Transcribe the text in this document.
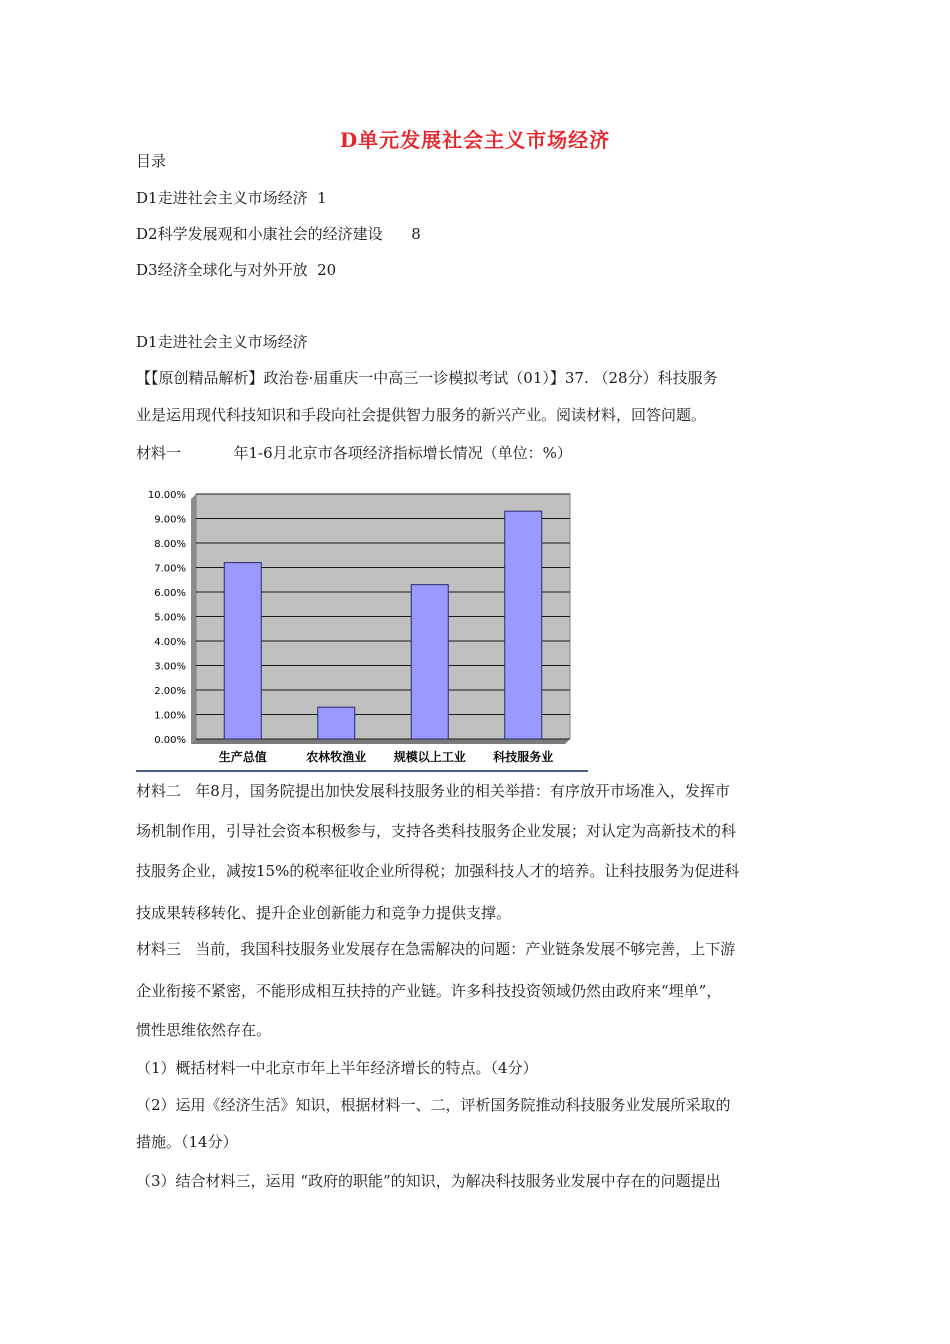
D单元发展社会主义市场经济
目录
D1走进社会主义市场经济 1
D2科学发展观和小康社会的经济建设 8
D3经济全球化与对外开放 20
D1走进社会主义市场经济
【【原创精品解析】政治卷·届重庆一中高三一诊模拟考试（01）】37. （28分）科技服务
业是运用现代科技知识和手段向社会提供智力服务的新兴产业。阅读材料，回答问题。
材料一	年1-6月北京市各项经济指标增长情况（单位：%）
0.00%
1.00%
2.00%
3.00%
4.00%
5.00%
6.00%
7.00%
8.00%
9.00%
10.00%
生产总值	农林牧渔业 规模以上工业 科技服务业
材料二   年8月，国务院提出加快发展科技服务业的相关举措：有序放开市场准入，发挥市
场机制作用，引导社会资本积极参与，支持各类科技服务企业发展；对认定为高新技术的科
技服务企业，减按15%的税率征收企业所得税；加强科技人才的培养。让科技服务为促进科
技成果转移转化、提升企业创新能力和竞争力提供支撑。
材料三   当前，我国科技服务业发展存在急需解决的问题：产业链条发展不够完善，上下游
企业衔接不紧密，不能形成相互扶持的产业链。许多科技投资领域仍然由政府来“埋单”，
惯性思维依然存在。
（1）概括材料一中北京市年上半年经济增长的特点。（4分）
（2）运用《经济生活》知识，根据材料一、二，评析国务院推动科技服务业发展所采取的
措施。（14分）
（3）结合材料三，运用 “政府的职能”的知识，为解决科技服务业发展中存在的问题提出
